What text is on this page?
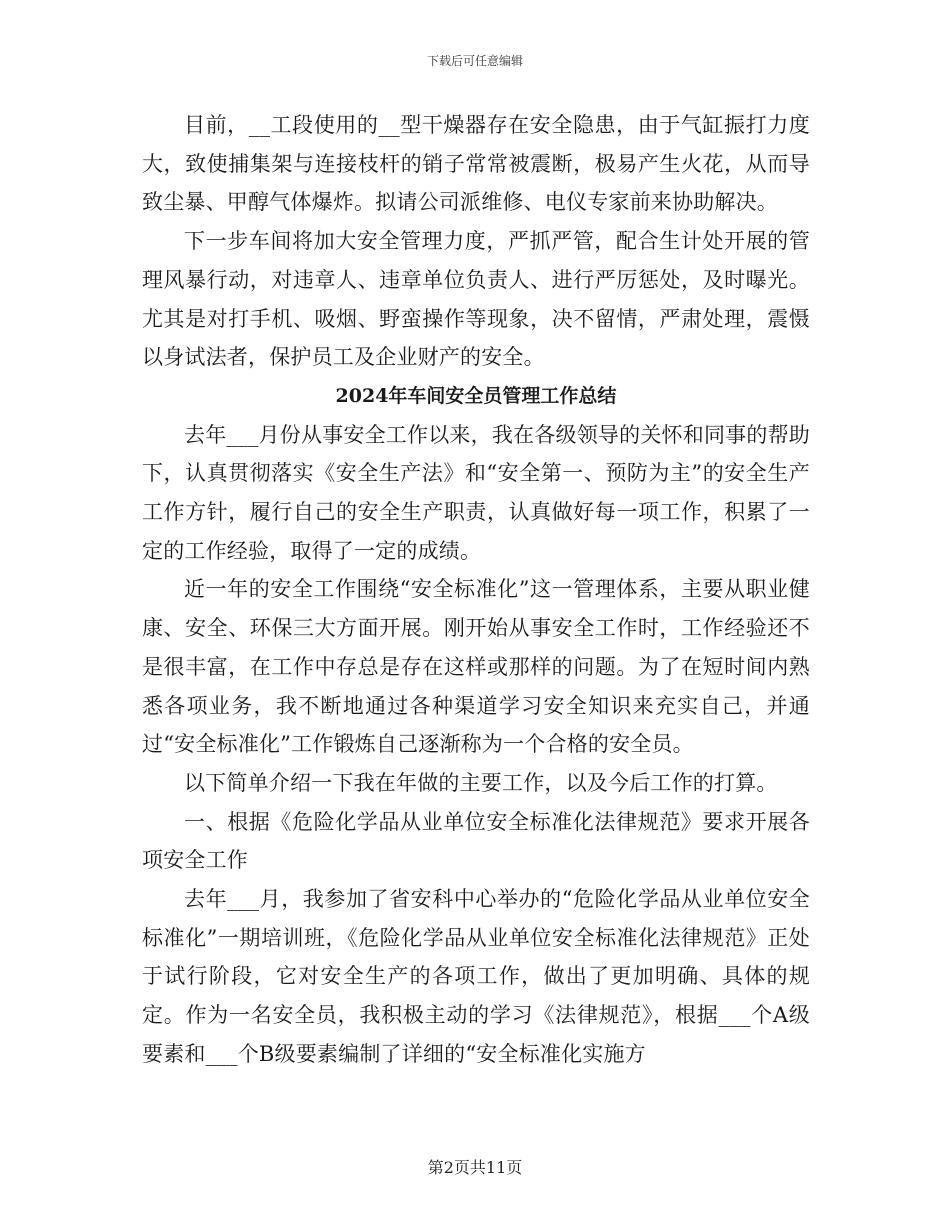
下载后可任意编辑

目前，__工段使用的__型干燥器存在安全隐患，由于气缸振打力度大，致使捕集架与连接枝杆的销子常常被震断，极易产生火花，从而导致尘暴、甲醇气体爆炸。拟请公司派维修、电仪专家前来协助解决。

下一步车间将加大安全管理力度，严抓严管，配合生计处开展的管理风暴行动，对违章人、违章单位负责人、进行严厉惩处，及时曝光。尤其是对打手机、吸烟、野蛮操作等现象，决不留情，严肃处理，震慑以身试法者，保护员工及企业财产的安全。

2024年车间安全员管理工作总结

去年___月份从事安全工作以来，我在各级领导的关怀和同事的帮助下，认真贯彻落实《安全生产法》和“安全第一、预防为主”的安全生产工作方针，履行自己的安全生产职责，认真做好每一项工作，积累了一定的工作经验，取得了一定的成绩。

近一年的安全工作围绕“安全标准化”这一管理体系，主要从职业健康、安全、环保三大方面开展。刚开始从事安全工作时，工作经验还不是很丰富，在工作中存总是存在这样或那样的问题。为了在短时间内熟悉各项业务，我不断地通过各种渠道学习安全知识来充实自己，并通过“安全标准化”工作锻炼自己逐渐称为一个合格的安全员。

以下简单介绍一下我在年做的主要工作，以及今后工作的打算。

一、根据《危险化学品从业单位安全标准化法律规范》要求开展各项安全工作

去年___月，我参加了省安科中心举办的“危险化学品从业单位安全标准化”一期培训班，《危险化学品从业单位安全标准化法律规范》正处于试行阶段，它对安全生产的各项工作，做出了更加明确、具体的规定。作为一名安全员，我积极主动的学习《法律规范》，根据___个A级要素和___个B级要素编制了详细的“安全标准化实施方

第2页共11页
